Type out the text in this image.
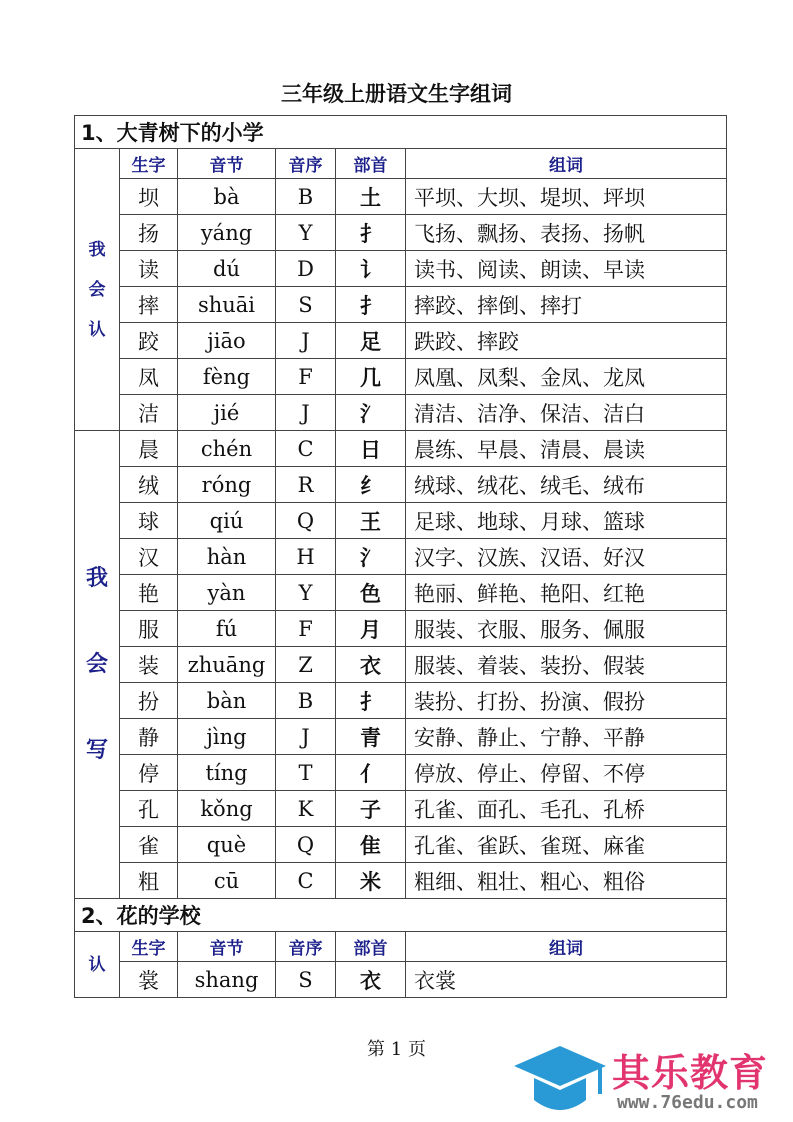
三年级上册语文生字组词
1、大青树下的小学					

我
会
认	生字	音节	音序	部首	组词
	坝	bà	B	土	平坝、大坝、堤坝、坪坝
	扬	yáng	Y	扌	飞扬、飘扬、表扬、扬帆
	读	dú	D	讠	读书、阅读、朗读、早读
	摔	shuāi	S	扌	摔跤、摔倒、摔打
	跤	jiāo	J	足	跌跤、摔跤
	凤	fèng	F	几	凤凰、凤梨、金凤、龙凤
	洁	jié	J	氵	清洁、洁净、保洁、洁白

我
会
写	晨	chén	C	日	晨练、早晨、清晨、晨读
	绒	róng	R	纟	绒球、绒花、绒毛、绒布
	球	qiú	Q	王	足球、地球、月球、篮球
	汉	hàn	H	氵	汉字、汉族、汉语、好汉
	艳	yàn	Y	色	艳丽、鲜艳、艳阳、红艳
	服	fú	F	月	服装、衣服、服务、佩服
	装	zhuāng	Z	衣	服装、着装、装扮、假装
	扮	bàn	B	扌	装扮、打扮、扮演、假扮
	静	jìng	J	青	安静、静止、宁静、平静
	停	tíng	T	亻	停放、停止、停留、不停
	孔	kǒng	K	子	孔雀、面孔、毛孔、孔桥
	雀	què	Q	隹	孔雀、雀跃、雀斑、麻雀
	粗	cū	C	米	粗细、粗壮、粗心、粗俗
2、花的学校					

认	生字	音节	音序	部首	组词
	裳	shang	S	衣	衣裳
第 1 页
其乐教育
www.76edu.com
